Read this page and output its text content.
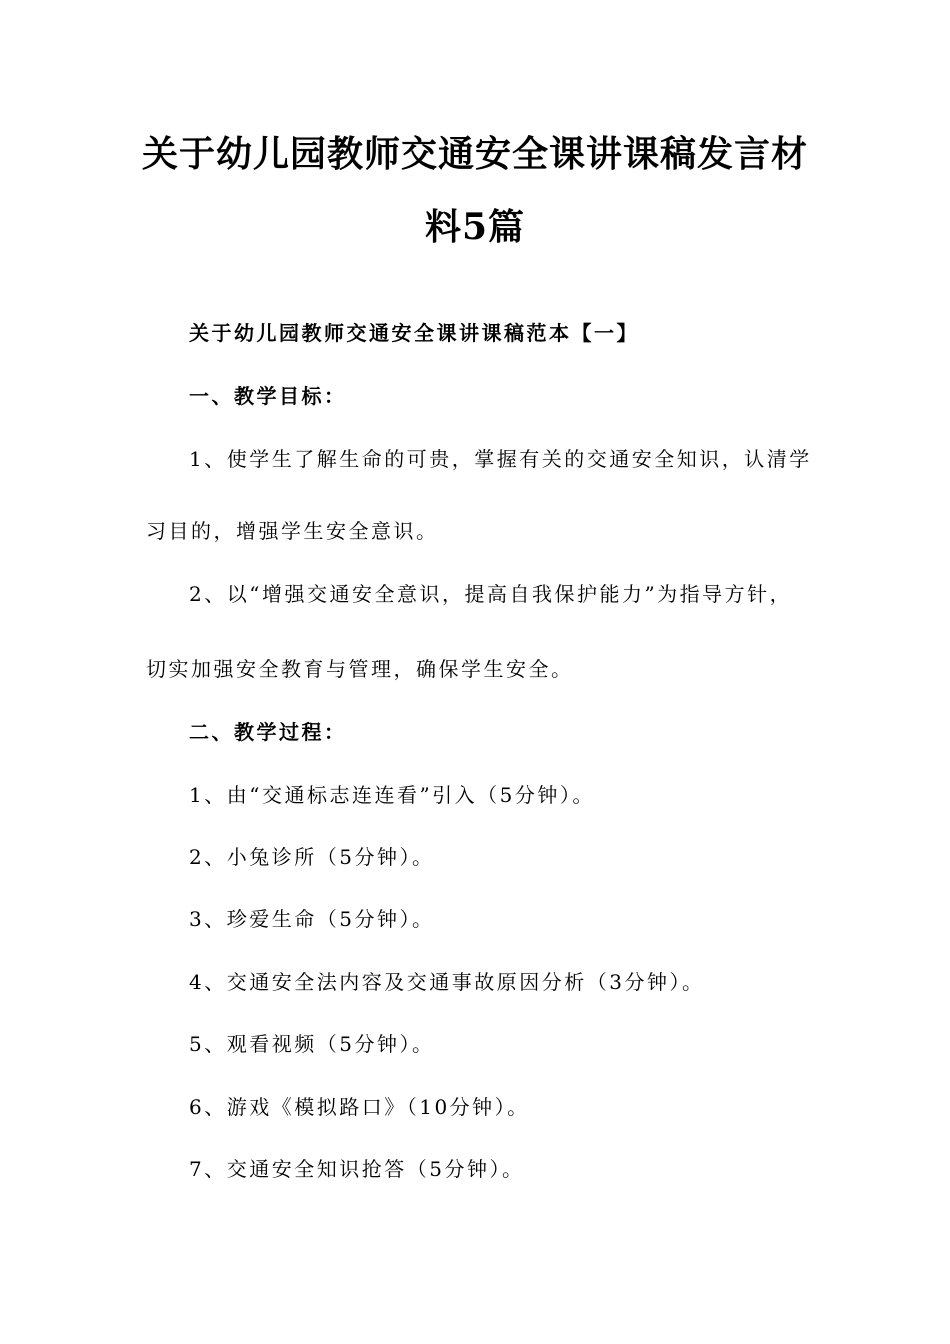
关于幼儿园教师交通安全课讲课稿发言材
料5篇
关于幼儿园教师交通安全课讲课稿范本【一】
一、教学目标：
1、使学生了解生命的可贵，掌握有关的交通安全知识，认清学
习目的，增强学生安全意识。
2、以“增强交通安全意识，提高自我保护能力”为指导方针，
切实加强安全教育与管理，确保学生安全。
二、教学过程：
1、由“交通标志连连看”引入（5分钟）。
2、小兔诊所（5分钟）。
3、珍爱生命（5分钟）。
4、交通安全法内容及交通事故原因分析（3分钟）。
5、观看视频（5分钟）。
6、游戏《模拟路口》（10分钟）。
7、交通安全知识抢答（5分钟）。
